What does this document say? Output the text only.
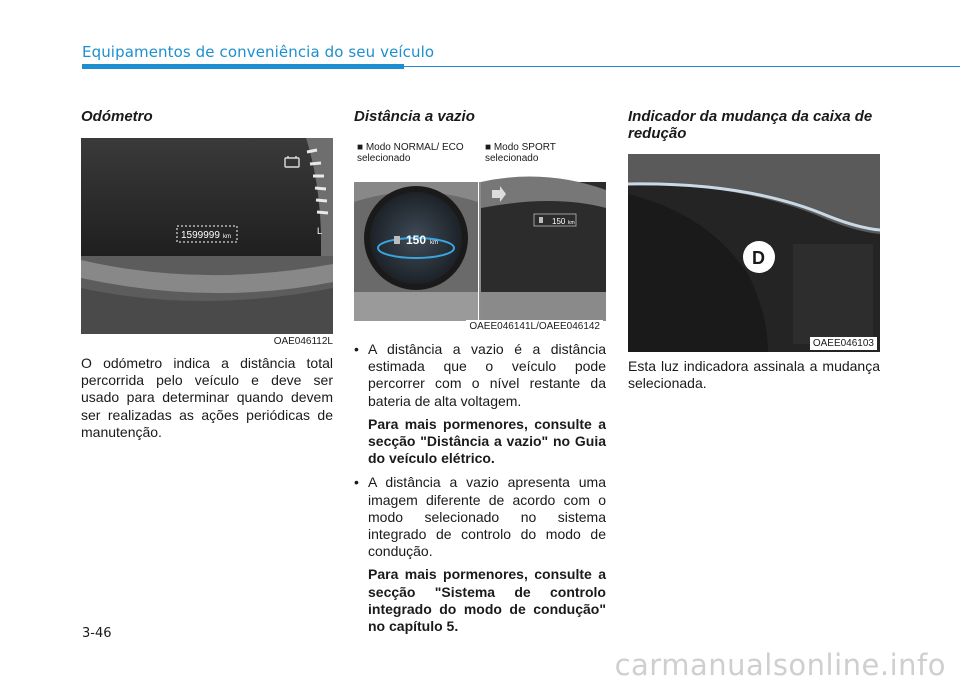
Equipamentos de conveniência do seu veículo
Odómetro
1599999 km
L
OAE046112L

O odómetro indica a distância total percorrida pelo veículo e deve ser usado para determinar quando devem ser realizadas as ações periódicas de manutenção.

Distância a vazio
■ Modo NORMAL/ ECO selecionado
■ Modo SPORT selecionado
150 km
150 km
OAEE046141L/OAEE046142
• A distância a vazio é a distância estimada que o veículo pode percorrer com o nível restante da bateria de alta voltagem.
Para mais pormenores, consulte a secção "Distância a vazio" no Guia do veículo elétrico.
• A distância a vazio apresenta uma imagem diferente de acordo com o modo selecionado no sistema integrado de controlo do modo de condução.
Para mais pormenores, consulte a secção "Sistema de controlo integrado do modo de condução" no capítulo 5.
Indicador da mudança da caixa de redução
D
OAEE046103

Esta luz indicadora assinala a mudança selecionada.

3-46
carmanualsonline.info
